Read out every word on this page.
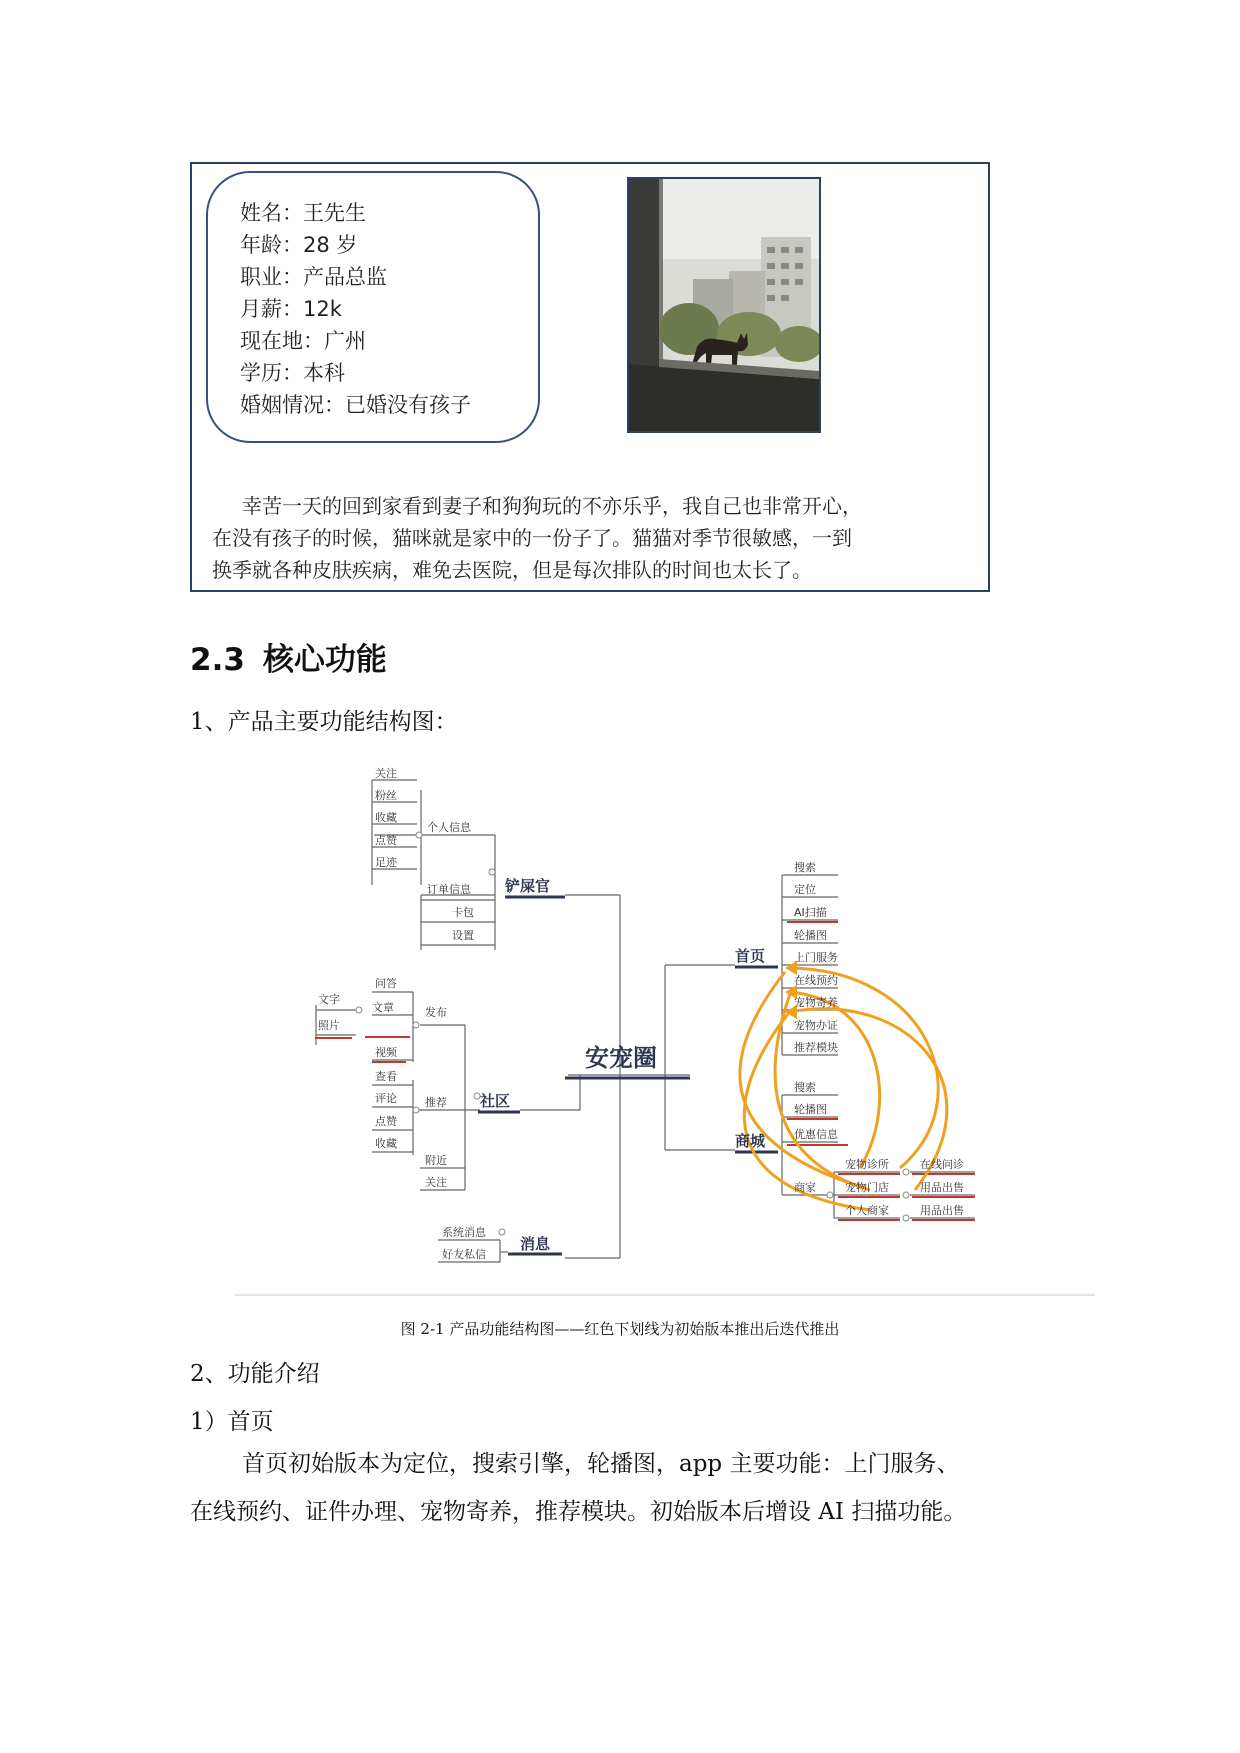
姓名：王先生
年龄：28 岁
职业：产品总监
月薪：12k
现在地：广州
学历：本科
婚姻情况：已婚没有孩子
幸苦一天的回到家看到妻子和狗狗玩的不亦乐乎，我自己也非常开心，
在没有孩子的时候，猫咪就是家中的一份子了。猫猫对季节很敏感，一到
换季就各种皮肤疾病，难免去医院，但是每次排队的时间也太长了。
2.3 核心功能
1、产品主要功能结构图：
安宠圈
铲屎官
社区
消息
首页
商城
关注
粉丝
收藏
点赞
足迹
个人信息
订单信息
卡包
设置
问答
文章
文字
照片
视频
发布
查看
评论
点赞
收藏
推荐
附近
关注
系统消息
好友私信
搜索
定位
AI扫描
轮播图
上门服务
在线预约
宠物寄养
宠物办证
推荐模块
搜索
轮播图
优惠信息
商家
宠物诊所
宠物门店
个人商家
在线问诊
用品出售
用品出售
图 2-1 产品功能结构图——红色下划线为初始版本推出后迭代推出
2、功能介绍
1）首页
首页初始版本为定位，搜索引擎，轮播图，app 主要功能：上门服务、
在线预约、证件办理、宠物寄养，推荐模块。初始版本后增设 AI 扫描功能。
